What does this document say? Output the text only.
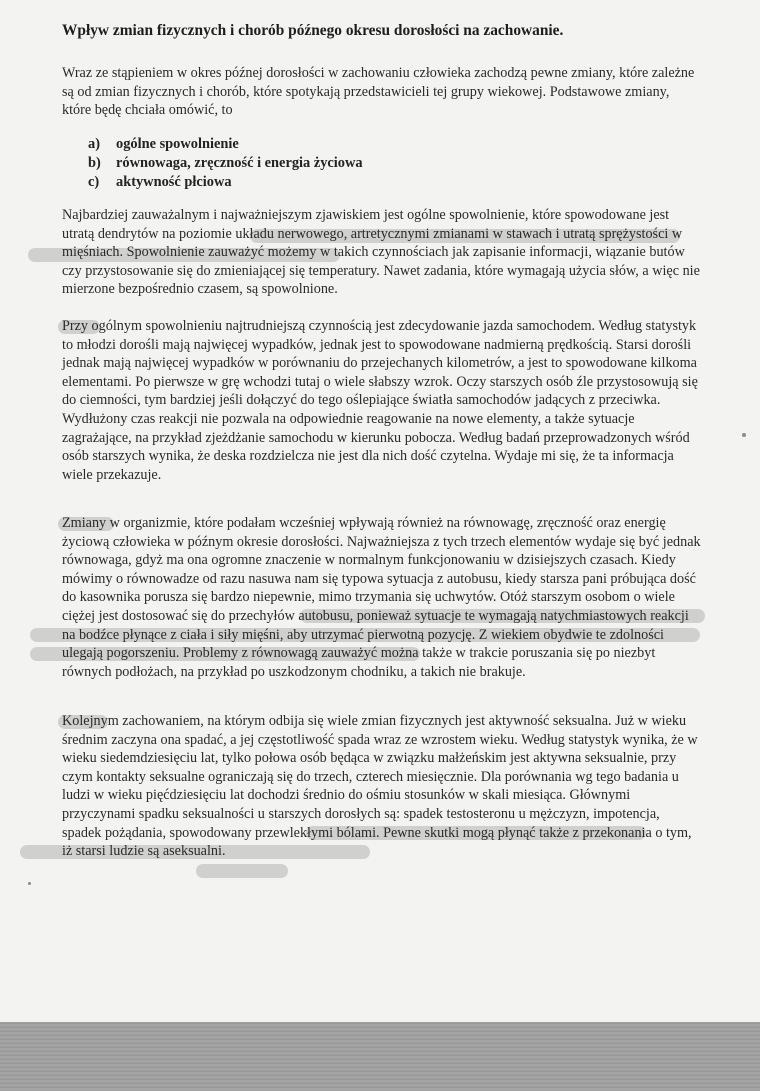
Wpływ zmian fizycznych i chorób późnego okresu dorosłości na zachowanie.

Wraz ze stąpieniem w okres późnej dorosłości w zachowaniu człowieka zachodzą pewne zmiany, które zależne są od zmian fizycznych i chorób, które spotykają przedstawicieli tej grupy wiekowej. Podstawowe zmiany, które będę chciała omówić, to

a)	ogólne spowolnienie
b)	równowaga, zręczność i energia życiowa
c)	aktywność płciowa

Najbardziej zauważalnym i najważniejszym zjawiskiem jest ogólne spowolnienie, które spowodowane jest utratą dendrytów na poziomie układu nerwowego, artretycznymi zmianami w stawach i utratą sprężystości w mięśniach. Spowolnienie zauważyć możemy w takich czynnościach jak zapisanie informacji, wiązanie butów czy przystosowanie się do zmieniającej się temperatury. Nawet zadania, które wymagają użycia słów, a więc nie mierzone bezpośrednio czasem, są spowolnione.

Przy ogólnym spowolnieniu najtrudniejszą czynnością jest zdecydowanie jazda samochodem. Według statystyk to młodzi dorośli mają najwięcej wypadków, jednak jest to spowodowane nadmierną prędkością. Starsi dorośli jednak mają najwięcej wypadków w porównaniu do przejechanych kilometrów, a jest to spowodowane kilkoma elementami. Po pierwsze w grę wchodzi tutaj o wiele słabszy wzrok. Oczy starszych osób źle przystosowują się do ciemności, tym bardziej jeśli dołączyć do tego oślepiające światła samochodów jadących z przeciwka. Wydłużony czas reakcji nie pozwala na odpowiednie reagowanie na nowe elementy, a także sytuacje zagrażające, na przykład zjeżdżanie samochodu w kierunku pobocza. Według badań przeprowadzonych wśród osób starszych wynika, że deska rozdzielcza nie jest dla nich dość czytelna. Wydaje mi się, że ta informacja wiele przekazuje.

Zmiany w organizmie, które podałam wcześniej wpływają również na równowagę, zręczność oraz energię życiową człowieka w późnym okresie dorosłości. Najważniejsza z tych trzech elementów wydaje się być jednak równowaga, gdyż ma ona ogromne znaczenie w normalnym funkcjonowaniu w dzisiejszych czasach. Kiedy mówimy o równowadze od razu nasuwa nam się typowa sytuacja z autobusu, kiedy starsza pani próbująca dość do kasownika porusza się bardzo niepewnie, mimo trzymania się uchwytów. Otóż starszym osobom o wiele ciężej jest dostosować się do przechyłów autobusu, ponieważ sytuacje te wymagają natychmiastowych reakcji na bodźce płynące z ciała i siły mięśni, aby utrzymać pierwotną pozycję. Z wiekiem obydwie te zdolności ulegają pogorszeniu. Problemy z równowagą zauważyć można także w trakcie poruszania się po niezbyt równych podłożach, na przykład po uszkodzonym chodniku, a takich nie brakuje.

Kolejnym zachowaniem, na którym odbija się wiele zmian fizycznych jest aktywność seksualna. Już w wieku średnim zaczyna ona spadać, a jej częstotliwość spada wraz ze wzrostem wieku. Według statystyk wynika, że w wieku siedemdziesięciu lat, tylko połowa osób będąca w związku małżeńskim jest aktywna seksualnie, przy czym kontakty seksualne ograniczają się do trzech, czterech miesięcznie. Dla porównania wg tego badania u ludzi w wieku pięćdziesięciu lat dochodzi średnio do ośmiu stosunków w skali miesiąca. Głównymi przyczynami spadku seksualności u starszych dorosłych są: spadek testosteronu u mężczyzn, impotencja, spadek pożądania, spowodowany przewlekłymi bólami. Pewne skutki mogą płynąć także z przekonania o tym, iż starsi ludzie są aseksualni.
